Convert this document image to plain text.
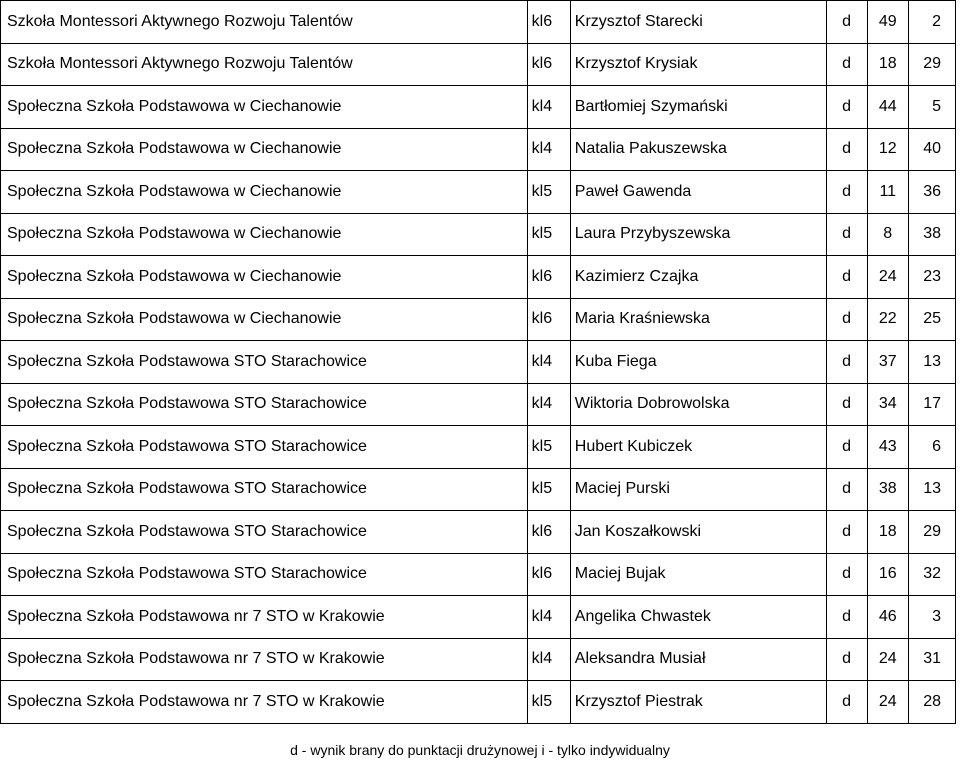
Szkoła Montessori Aktywnego Rozwoju Talentów	kl6	Krzysztof Starecki	d	49	2
Szkoła Montessori Aktywnego Rozwoju Talentów	kl6	Krzysztof Krysiak	d	18	29
Społeczna Szkoła Podstawowa w Ciechanowie	kl4	Bartłomiej Szymański	d	44	5
Społeczna Szkoła Podstawowa w Ciechanowie	kl4	Natalia Pakuszewska	d	12	40
Społeczna Szkoła Podstawowa w Ciechanowie	kl5	Paweł Gawenda	d	11	36
Społeczna Szkoła Podstawowa w Ciechanowie	kl5	Laura Przybyszewska	d	8	38
Społeczna Szkoła Podstawowa w Ciechanowie	kl6	Kazimierz Czajka	d	24	23
Społeczna Szkoła Podstawowa w Ciechanowie	kl6	Maria Kraśniewska	d	22	25
Społeczna Szkoła Podstawowa STO Starachowice	kl4	Kuba Fiega	d	37	13
Społeczna Szkoła Podstawowa STO Starachowice	kl4	Wiktoria Dobrowolska	d	34	17
Społeczna Szkoła Podstawowa STO Starachowice	kl5	Hubert Kubiczek	d	43	6
Społeczna Szkoła Podstawowa STO Starachowice	kl5	Maciej Purski	d	38	13
Społeczna Szkoła Podstawowa STO Starachowice	kl6	Jan Koszałkowski	d	18	29
Społeczna Szkoła Podstawowa STO Starachowice	kl6	Maciej Bujak	d	16	32
Społeczna Szkoła Podstawowa nr 7 STO w Krakowie	kl4	Angelika Chwastek	d	46	3
Społeczna Szkoła Podstawowa nr 7 STO w Krakowie	kl4	Aleksandra Musiał	d	24	31
Społeczna Szkoła Podstawowa nr 7 STO w Krakowie	kl5	Krzysztof Piestrak	d	24	28
d - wynik brany do punktacji drużynowej i - tylko indywidualny
